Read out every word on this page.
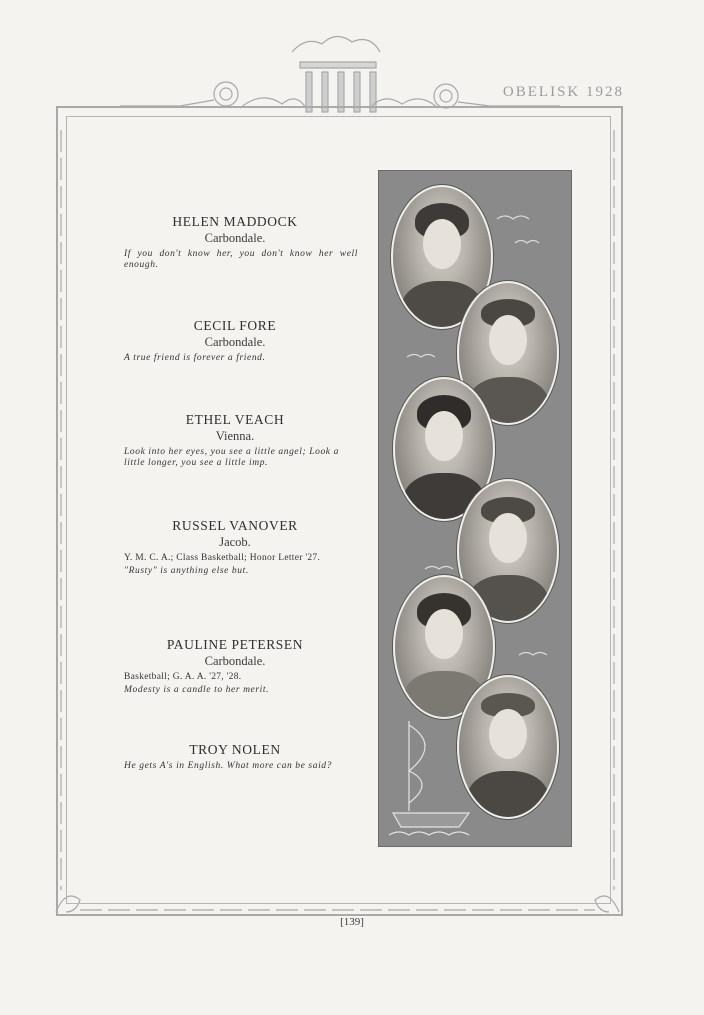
OBELISK 1928
HELEN MADDOCK
Carbondale.
If you don't know her, you don't know her well enough.
CECIL FORE
Carbondale.
A true friend is forever a friend.
ETHEL VEACH
Vienna.
Look into her eyes, you see a little angel; Look a little longer, you see a little imp.
RUSSEL VANOVER
Jacob.
Y. M. C. A.; Class Basketball; Honor Letter '27.
"Rusty" is anything else but.
PAULINE PETERSEN
Carbondale.
Basketball; G. A. A. '27, '28.
Modesty is a candle to her merit.
TROY NOLEN
He gets A's in English. What more can be said?
[139]
